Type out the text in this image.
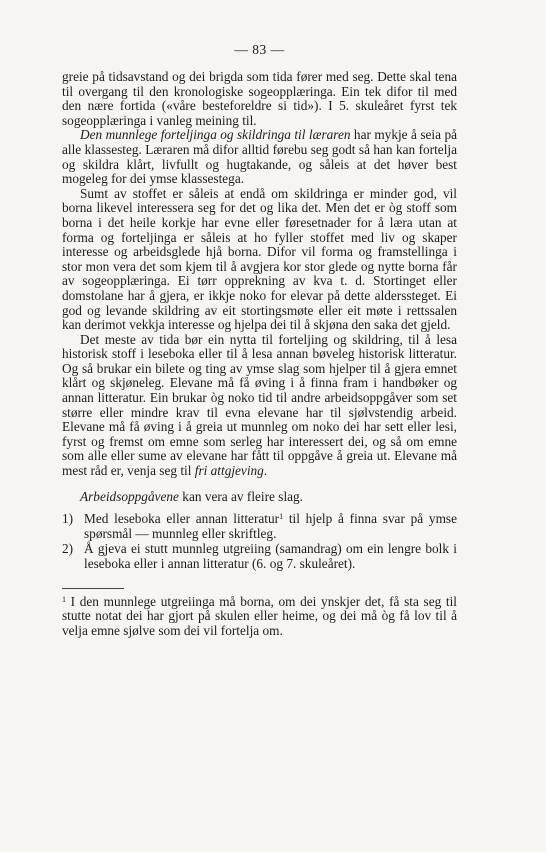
— 83 —

greie på tidsavstand og dei brigda som tida fører med seg. Dette skal tena til overgang til den kronologiske sogeopplæringa. Ein tek difor til med den nære fortida («våre besteforeldre si tid»). I 5. skuleåret fyrst tek sogeopplæringa i vanleg meining til.

Den munnlege forteljinga og skildringa til læraren har mykje å seia på alle klassesteg. Læraren må difor alltid førebu seg godt så han kan fortelja og skildra klårt, livfullt og hugtakande, og såleis at det høver best mogeleg for dei ymse klassestega.

Sumt av stoffet er såleis at endå om skildringa er minder god, vil borna likevel interessera seg for det og lika det. Men det er òg stoff som borna i det heile korkje har evne eller føresetnader for å læra utan at forma og forteljinga er såleis at ho fyller stoffet med liv og skaper interesse og arbeidsglede hjå borna. Difor vil forma og framstellinga i stor mon vera det som kjem til å avgjera kor stor glede og nytte borna får av sogeopplæringa. Ei tørr opprekning av kva t. d. Stortinget eller domstolane har å gjera, er ikkje noko for elevar på dette alderssteget. Ei god og levande skildring av eit stortingsmøte eller eit møte i rettssalen kan derimot vekkja interesse og hjelpa dei til å skjøna den saka det gjeld.

Det meste av tida bør ein nytta til forteljing og skildring, til å lesa historisk stoff i leseboka eller til å lesa annan bøveleg historisk litteratur. Og så brukar ein bilete og ting av ymse slag som hjelper til å gjera emnet klårt og skjøneleg. Elevane må få øving i å finna fram i handbøker og annan litteratur. Ein brukar òg noko tid til andre arbeidsoppgåver som set større eller mindre krav til evna elevane har til sjølvstendig arbeid. Elevane må få øving i å greia ut munnleg om noko dei har sett eller lesi, fyrst og fremst om emne som serleg har interessert dei, og så om emne som alle eller sume av elevane har fått til oppgåve å greia ut. Elevane må mest råd er, venja seg til fri attgjeving.

Arbeidsoppgåvene kan vera av fleire slag.

1) Med leseboka eller annan litteratur$^1$ til hjelp å finna svar på ymse spørsmål — munnleg eller skriftleg.
2) Å gjeva ei stutt munnleg utgreiing (samandrag) om ein lengre bolk i leseboka eller i annan litteratur (6. og 7. skuleåret).

$^1$ I den munnlege utgreiinga må borna, om dei ynskjer det, få sta seg til stutte notat dei har gjort på skulen eller heime, og dei må òg få lov til å velja emne sjølve som dei vil fortelja om.
